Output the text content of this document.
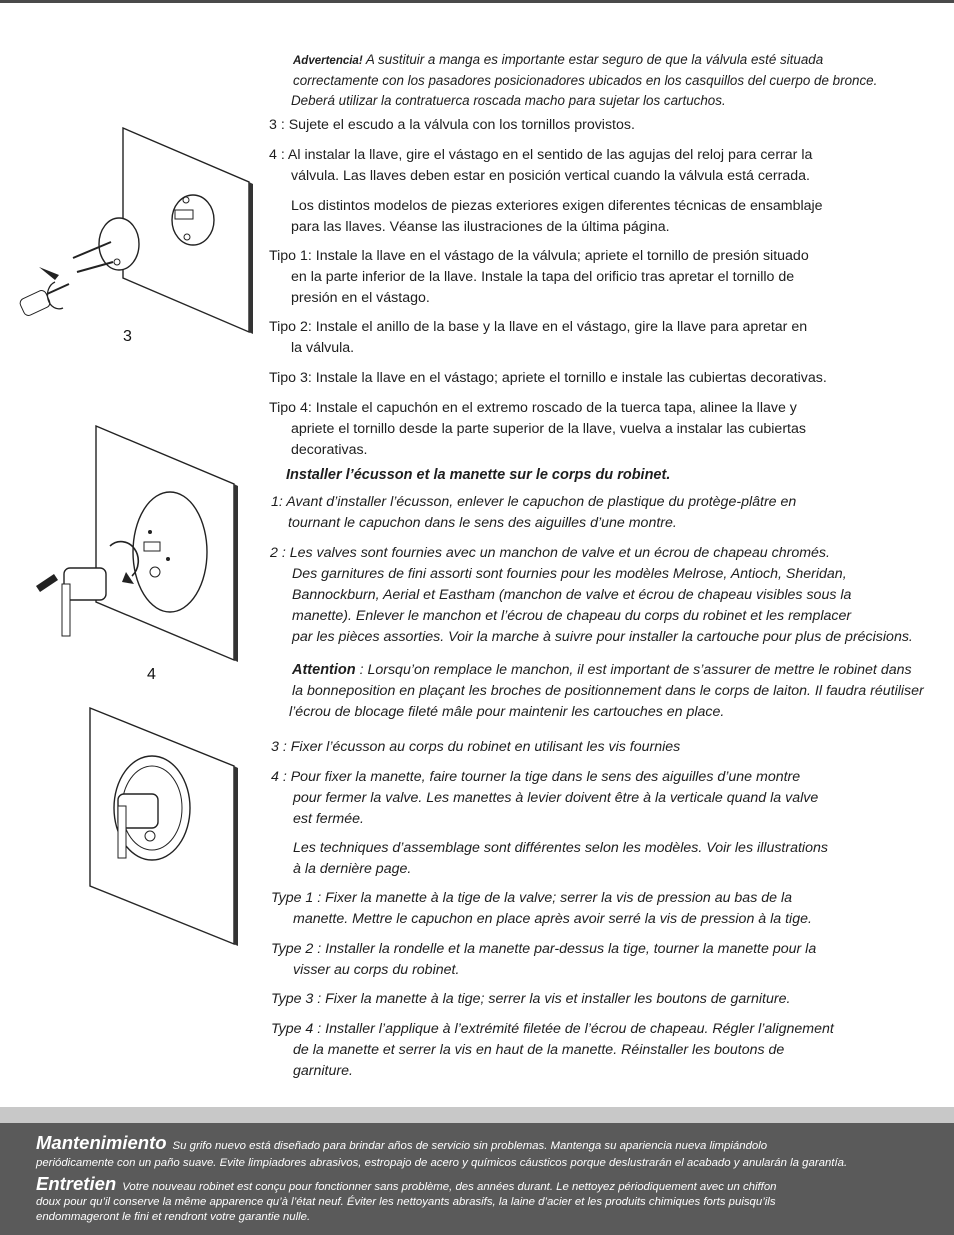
3
4
Advertencia! A sustituir a manga es importante estar seguro de que la válvula esté situada
correctamente con los pasadores posicionadores ubicados en los casquillos del cuerpo de bronce.
Deberá utilizar la contratuerca roscada macho para sujetar los cartuchos.
3 : Sujete el escudo a la válvula con los tornillos provistos.
4 : Al instalar la llave, gire el vástago en el sentido de las agujas del reloj para cerrar la
válvula. Las llaves deben estar en posición vertical cuando la válvula está cerrada.
Los distintos modelos de piezas exteriores exigen diferentes técnicas de ensamblaje
para las llaves. Véanse las ilustraciones de la última página.
Tipo 1: Instale la llave en el vástago de la válvula; apriete el tornillo de presión situado
en la parte inferior de la llave. Instale la tapa del orificio tras apretar el tornillo de
presión en el vástago.
Tipo 2: Instale el anillo de la base y la llave en el vástago, gire la llave para apretar en
la válvula.
Tipo 3: Instale la llave en el vástago; apriete el tornillo e instale las cubiertas decorativas.
Tipo 4: Instale el capuchón en el extremo roscado de la tuerca tapa, alinee la llave y
apriete el tornillo desde la parte superior de la llave, vuelva a instalar las cubiertas
decorativas.
Installer l’écusson et la manette sur le corps du robinet.
1: Avant d’installer l’écusson, enlever le capuchon de plastique du protège-plâtre en
tournant le capuchon dans le sens des aiguilles d’une montre.
2 : Les valves sont fournies avec un manchon de valve et un écrou de chapeau chromés.
Des garnitures de fini assorti sont fournies pour les modèles Melrose, Antioch, Sheridan,
Bannockburn, Aerial et Eastham (manchon de valve et écrou de chapeau visibles sous la
manette). Enlever le manchon et l’écrou de chapeau du corps du robinet et les remplacer
par les pièces assorties. Voir la marche à suivre pour installer la cartouche pour plus de précisions.
Attention : Lorsqu’on remplace le manchon, il est important de s’assurer de mettre le robinet dans
la bonneposition en plaçant les broches de positionnement dans le corps de laiton. Il faudra réutiliser
l’écrou de blocage fileté mâle pour maintenir les cartouches en place.
3 : Fixer l’écusson au corps du robinet en utilisant les vis fournies
4 : Pour fixer la manette, faire tourner la tige dans le sens des aiguilles d’une montre
pour fermer la valve. Les manettes à levier doivent être à la verticale quand la valve
est fermée.
Les techniques d’assemblage sont différentes selon les modèles. Voir les illustrations
à la dernière page.
Type 1 : Fixer la manette à la tige de la valve; serrer la vis de pression au bas de la
manette. Mettre le capuchon en place après avoir serré la vis de pression à la tige.
Type 2 : Installer la rondelle et la manette par-dessus la tige, tourner la manette pour la
visser au corps du robinet.
Type 3 : Fixer la manette à la tige; serrer la vis et installer les boutons de garniture.
Type 4 : Installer l’applique à l’extrémité filetée de l’écrou de chapeau. Régler l’alignement
de la manette et serrer la vis en haut de la manette. Réinstaller les boutons de
garniture.
Mantenimiento Su grifo nuevo está diseñado para brindar años de servicio sin problemas. Mantenga su apariencia nueva limpiándolo
periódicamente con un paño suave. Evite limpiadores abrasivos, estropajo de acero y químicos cáusticos porque deslustrarán el acabado y anularán la garantía.
Entretien Votre nouveau robinet est conçu pour fonctionner sans problème, des années durant. Le nettoyez périodiquement avec un chiffon
doux pour qu’il conserve la même apparence qu’à l’état neuf. Éviter les nettoyants abrasifs, la laine d’acier et les produits chimiques forts puisqu’ils
endommageront le fini et rendront votre garantie nulle.
